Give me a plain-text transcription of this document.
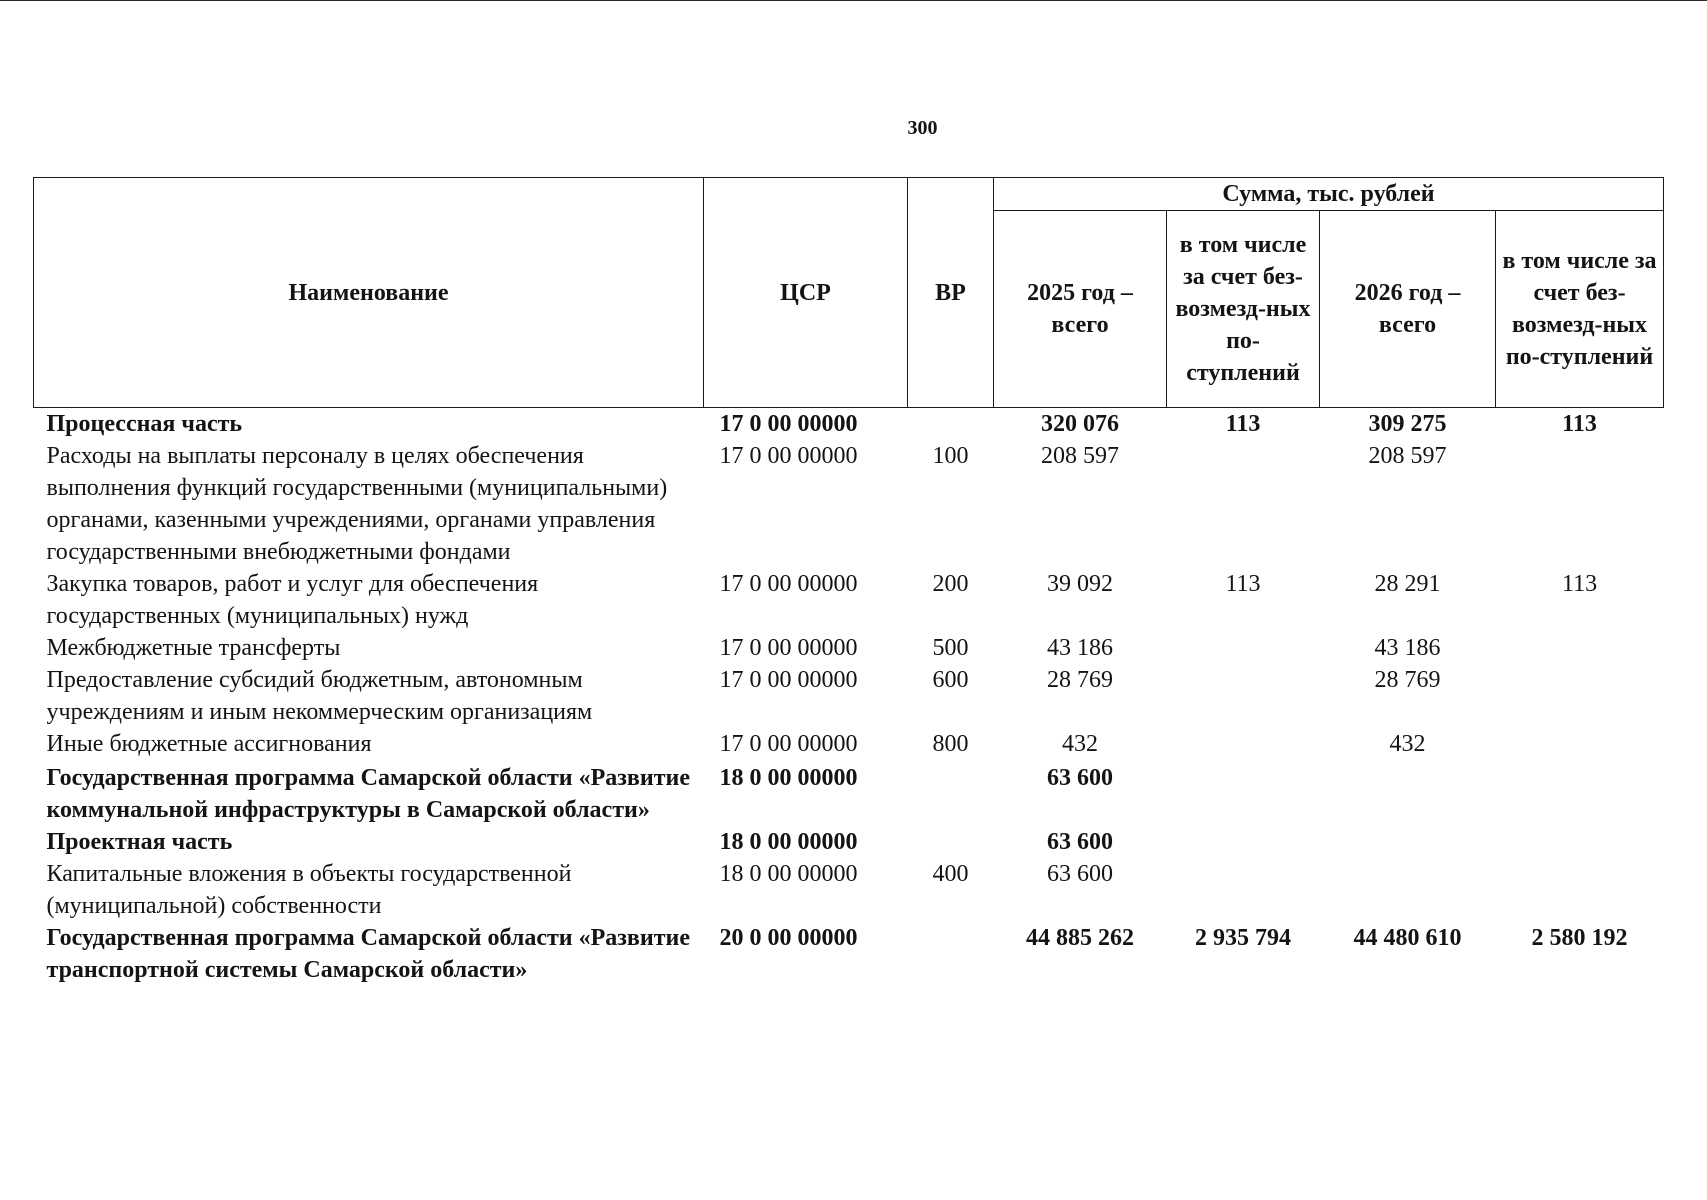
300
Наименование	ЦСР	ВР	Сумма, тыс. рублей			
			2025 год – всего	в том числе за счет без-возмезд-ных по-ступлений	2026 год – всего	в том числе за счет без-возмезд-ных по-ступлений
Процессная часть	17 0 00 00000		320 076	113	309 275	113
Расходы на выплаты персоналу в целях обеспечения выполнения функций государственными (муниципальными) органами, казенными учреждениями, органами управления государственными внебюджетными фондами	17 0 00 00000	100	208 597		208 597	
Закупка товаров, работ и услуг для обеспечения государственных (муниципальных) нужд	17 0 00 00000	200	39 092	113	28 291	113
Межбюджетные трансферты	17 0 00 00000	500	43 186		43 186	
Предоставление субсидий бюджетным, автономным учреждениям и иным некоммерческим организациям	17 0 00 00000	600	28 769		28 769	
Иные бюджетные ассигнования	17 0 00 00000	800	432		432	
Государственная программа Самарской области «Развитие коммунальной инфраструктуры в Самарской области»	18 0 00 00000		63 600			
Проектная часть	18 0 00 00000		63 600			
Капитальные вложения в объекты государственной (муниципальной) собственности	18 0 00 00000	400	63 600			
Государственная программа Самарской области «Развитие транспортной системы Самарской области»	20 0 00 00000		44 885 262	2 935 794	44 480 610	2 580 192
